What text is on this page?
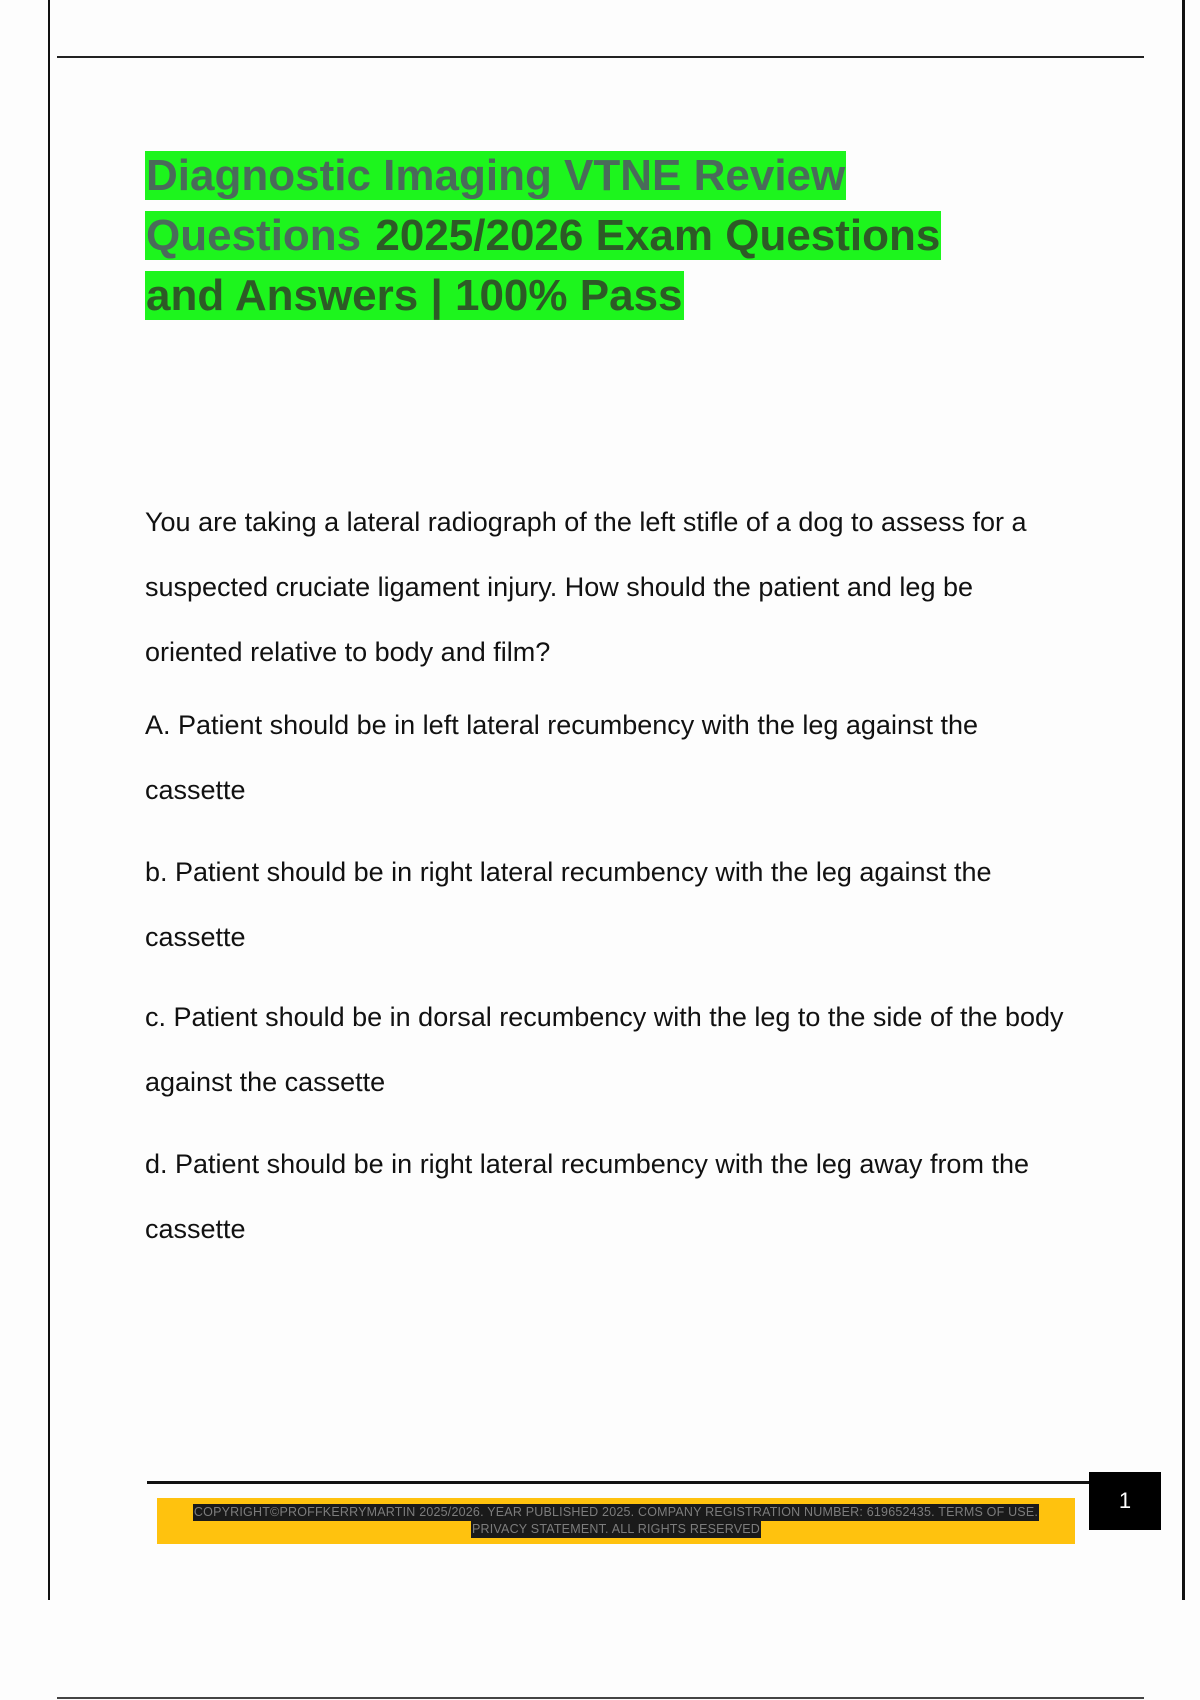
Diagnostic Imaging VTNE Review
Questions 2025/2026 Exam Questions
and Answers | 100% Pass
You are taking a lateral radiograph of the left stifle of a dog to assess for a suspected cruciate ligament injury. How should the patient and leg be oriented relative to body and film?
A. Patient should be in left lateral recumbency with the leg against the cassette
b. Patient should be in right lateral recumbency with the leg against the cassette
c. Patient should be in dorsal recumbency with the leg to the side of the body against the cassette
d. Patient should be in right lateral recumbency with the leg away from the cassette
1
COPYRIGHT©PROFFKERRYMARTIN 2025/2026. YEAR PUBLISHED 2025. COMPANY REGISTRATION NUMBER: 619652435. TERMS OF USE.
PRIVACY STATEMENT. ALL RIGHTS RESERVED
